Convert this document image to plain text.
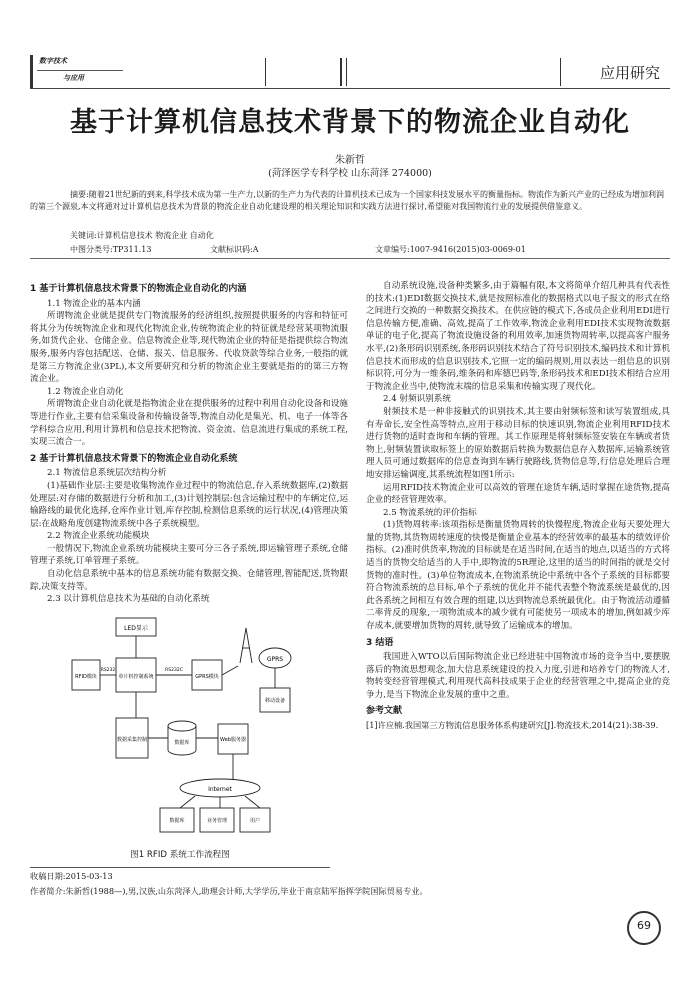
数字技术
与应用	应用研究
基于计算机信息技术背景下的物流企业自动化
朱新哲
(菏泽医学专科学校 山东菏泽 274000)
摘要:随着21世纪新的到来,科学技术成为第一生产力,以新的生产力为代表的计算机技术已成为一个国家科技发展水平的衡量指标。物流作为新兴产业的已经成为增加利润的第三个源泉,本文将通对过计算机信息技术为背景的物流企业自动化建设理的相关理论知识和实践方法进行探讨,希望能对我国物流行业的发展提供借鉴意义。
关键词:计算机信息技术 物流企业 自动化
中图分类号:TP311.13	文献标识码:A	文章编号:1007-9416(2015)03-0069-01

1 基于计算机信息技术背景下的物流企业自动化的内涵

1.1 物流企业的基本内涵

所谓物流企业就是提供专门物流服务的经济组织,按照提供服务的内容和特征可将其分为传统物流企业和现代化物流企业,传统物流企业的特征就是经营某项物流服务,如货代企业、仓储企业、信息物流企业等,现代物流企业的特征是指提供综合物流服务,服务内容包括配送、仓储、报关、信息服务、代收贷款等综合业务,一般指的就是第三方物流企业(3PL),本文所要研究和分析的物流企业主要就是指的的第三方物流企业。

1.2 物流企业自动化

所谓物流企业自动化就是指物流企业在提供服务的过程中利用自动化设备和设施等进行作业,主要有信采集设备和传输设备等,物流自动化是集光、机、电子一体等各学科综合应用,利用计算机和信息技术把物流、资金流、信息流进行集成的系统工程,实现三流合一。

2 基于计算机信息技术背景下的物流企业自动化系统

2.1 物流信息系统层次结构分析

(1)基础作业层:主要是收集物流作业过程中的物流信息,存入系统数据库,(2)数据处理层:对存储的数据进行分析和加工,(3)计划控制层:包含运输过程中的车辆定位,运输路线的最优化选择,仓库作业计划,库存控制,检测信息系统的运行状况,(4)管理决策层:在战略角度创建物流系统中各子系统模型。

2.2 物流企业系统功能模块

一般情况下,物流企业系统功能模块主要可分三各子系统,即运输管理子系统,仓储管理子系统,订单管理子系统。

自动化信息系统中基本的信息系统功能有数据交换、仓储管理,智能配送,货物跟踪,决策支持等。

2.3 以计算机信息技术为基础的自动化系统

LED显示
RFID模块
RS232
单片机控制系统
RS232C
GPRS模块
GPRS
移动设备
数据采集控制	数据库	Web服务器
Internet
数据库	业务管理	用户
图1 RFID 系统工作流程图

自动系统设施,设备种类繁多,由于篇幅有限,本文将简单介绍几种具有代表性的技术:(1)EDI数据交换技术,就是按照标准化的数据格式以电子报文的形式在络之间进行交换的一种数据交换技术。在供应链的模式下,各成员企业利用EDI进行信息传输方便,准确、高效,提高了工作效率,物流企业利用EDI技术实现物流数据单证的电子化,提高了物流设施设备的利用效率,加速货物周转率,以提高客户服务水平,(2)条形码识别系统,条形码识别技术结合了符号识别技术,编码技术和计算机信息技术而形成的信息识别技术,它照一定的编码规则,用以表达一组信息的识别标识符,可分为一维条码,维条码和库德巴码等,条形码技术和EDI技术相结合应用于物流企业当中,使物流末端的信息采集和传输实现了现代化。

2.4 射频识别系统

射频技术是一种非接触式的识别技术,其主要由射频标签和读写装置组成,具有寿命长,安全性高等特点,应用于移动目标的快速识别,物流企业利用RFID技术进行货物的适时查询和车辆的管理。其工作原理是将射频标签安装在车辆或者货物上,射频装置读取标签上的原始数据后转换为数据信息存入数据库,运输系统管理人员可通过数据库的信息查询到车辆行驶路线,货物信息等,行信息处理后合理地安排运输调度,其系统流程如图1所示:

运用RFID技术物流企业可以高效的管理在途货车辆,适时掌握在途货物,提高企业的经营管理效率。

2.5 物流系统的评价指标

(1)货物周转率:该项指标是衡量货物周转的快慢程度,物流企业每天要处理大量的货物,其货物周转速度的快慢是衡量企业基本的经营效率的最基本的绩效评价指标。(2)准时供货率,物流的目标就是在适当时间,在适当的地点,以适当的方式将适当的货物交给适当的人手中,即物流的5R理论,这里的适当的时间指的就是交付货物的准时性。(3)单位物流成本,在物流系统论中系统中各个子系统的目标都要符合物流系统的总目标,单个子系统的优化并不能代表整个物流系统是最优的,因此各系统之间相互有效合理的组建,以达到物流总系统最优化。由于物流活动遵循二率背反的现象,一项物流成本的减少就有可能使另一项成本的增加,例如减少库存成本,就要增加货物的周转,就导致了运输成本的增加。

3 结语

我国进入WTO以后国际物流企业已经进驻中国物流市场的竞争当中,要摆脱落后的物流思想观念,加大信息系统建设的投入力度,引进和培养专门的物流人才,物转变经营管理模式,利用现代高科技成果于企业的经营管理之中,提高企业的竞争力,是当下物流企业发展的重中之重。

参考文献

[1]许应楠.我国第三方物流信息服务体系构建研究[J].物流技术,2014(21):38-39.

收稿日期:2015-03-13
作者简介:朱新哲(1988—),男,汉族,山东菏泽人,助理会计师,大学学历,毕业于南京陆军指挥学院国际贸易专业。
69
